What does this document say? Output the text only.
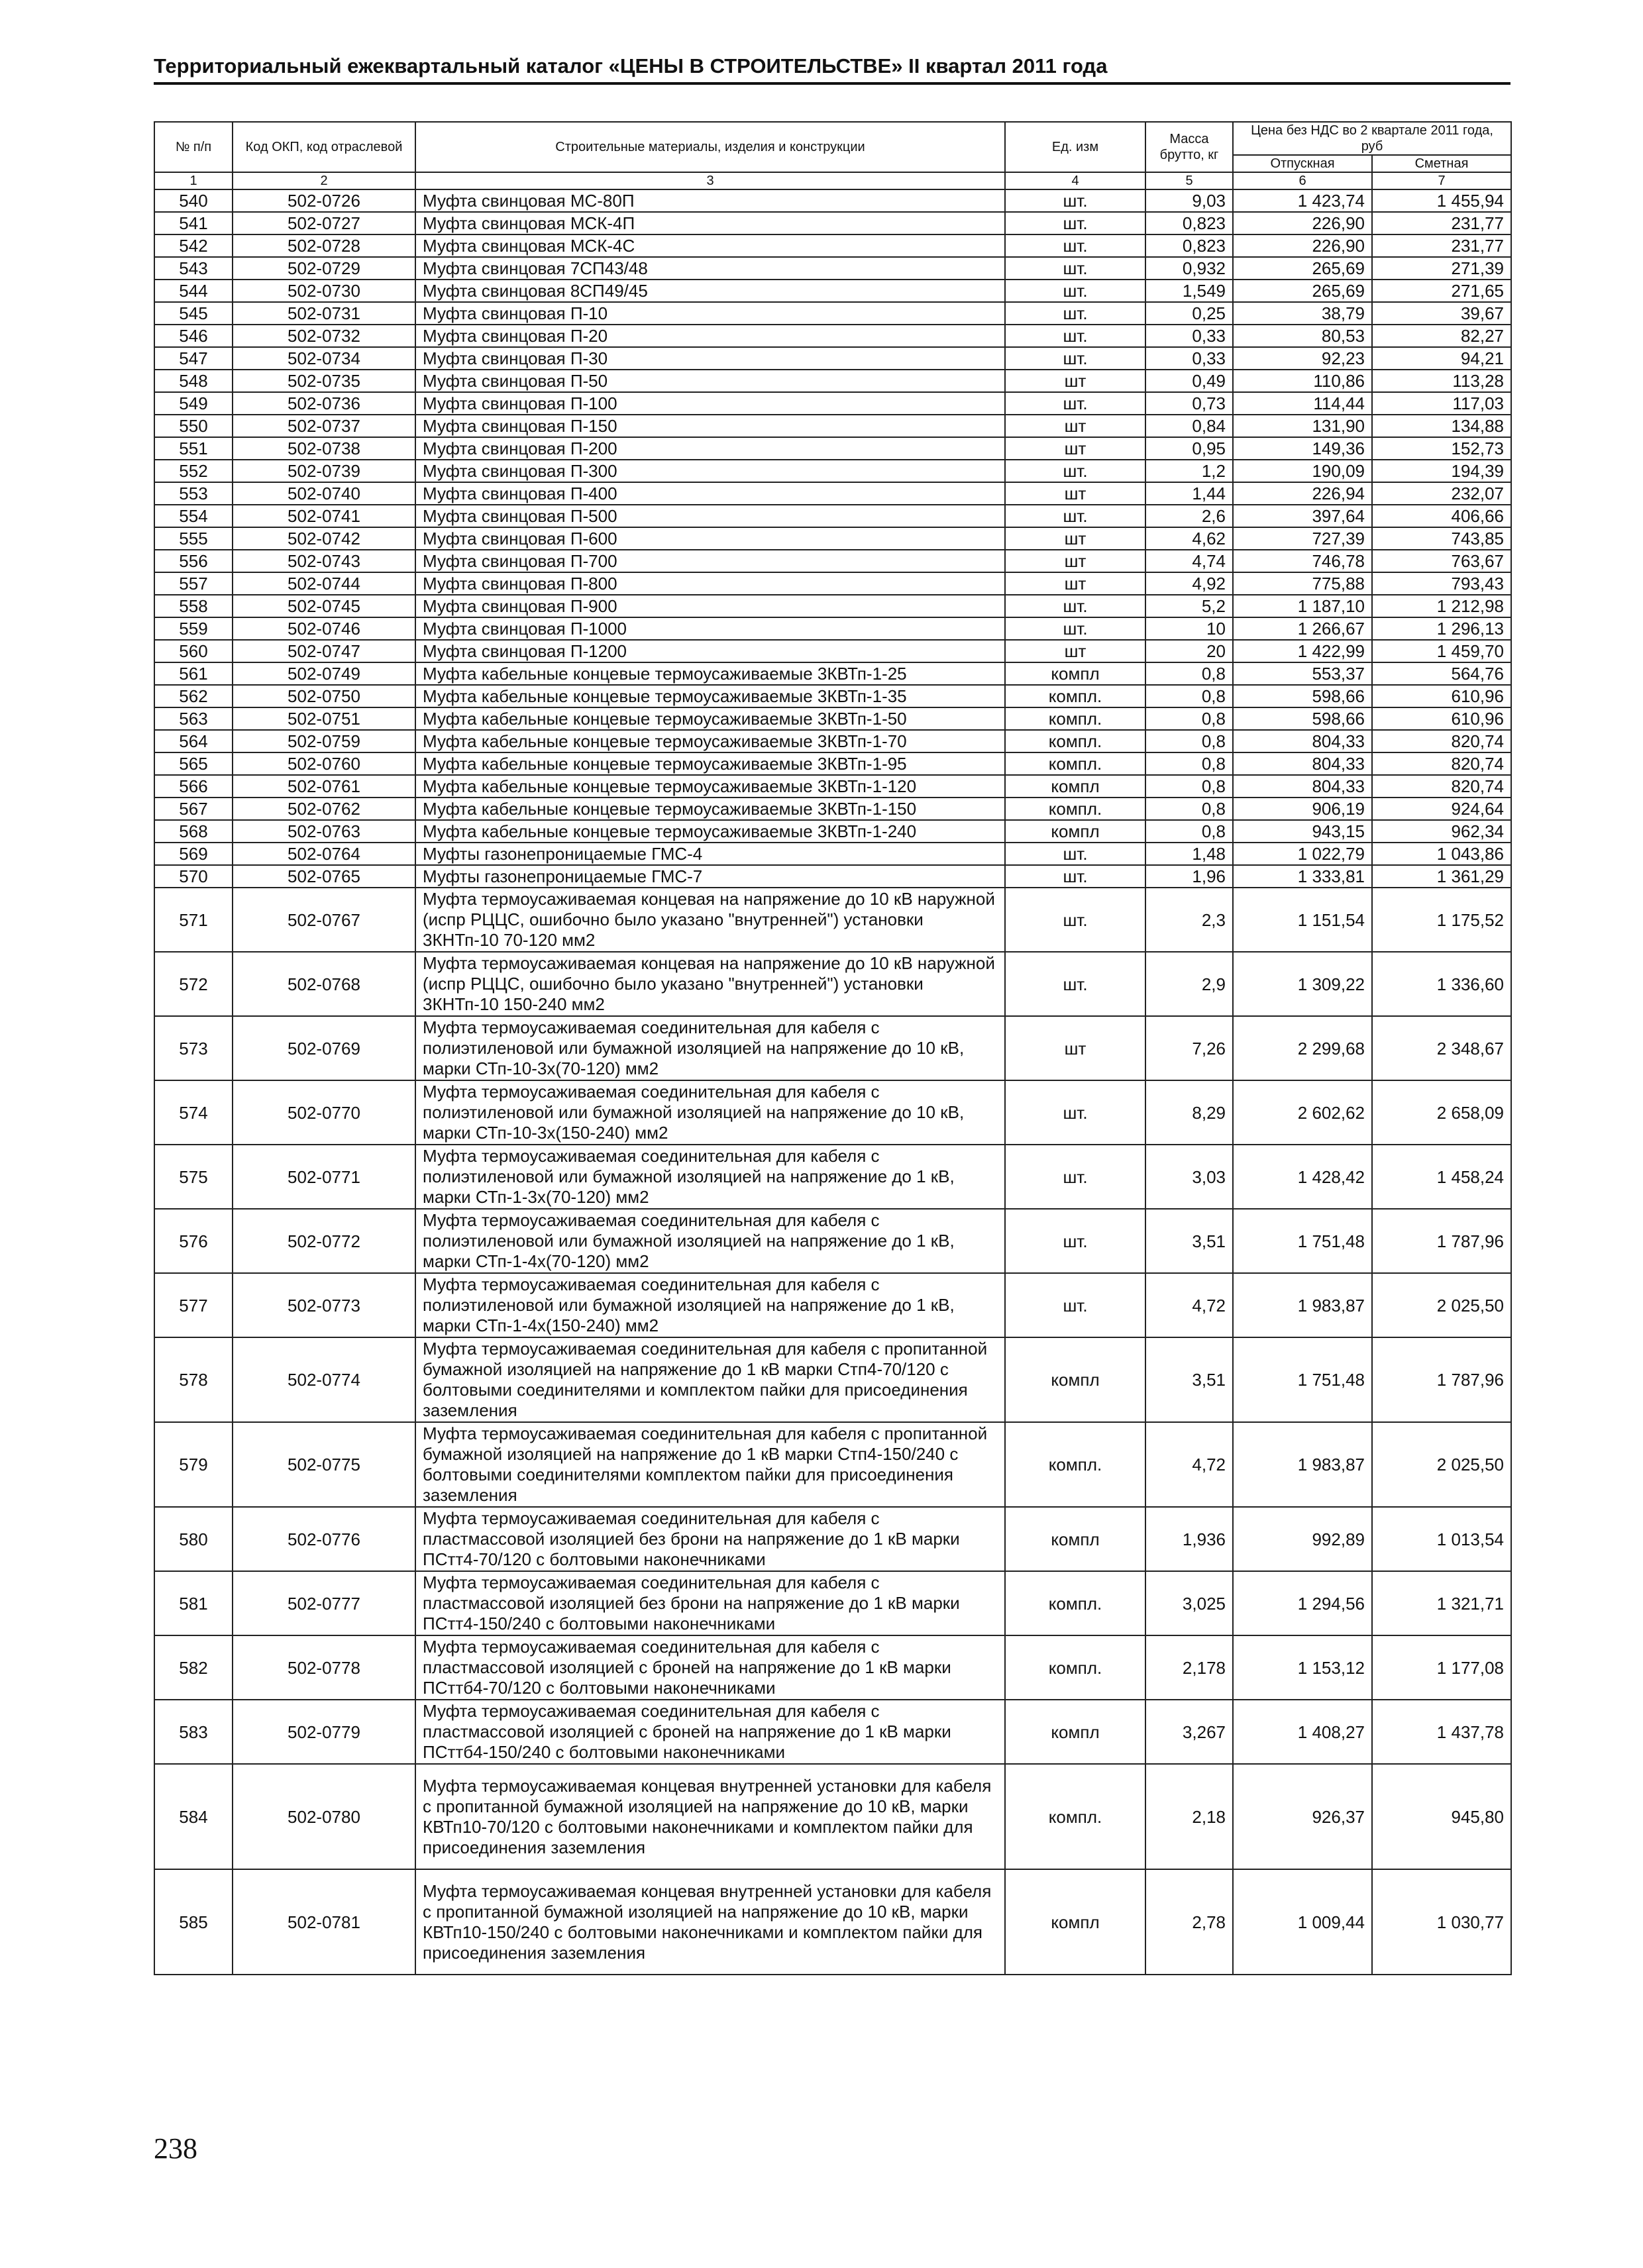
Территориальный ежеквартальный каталог «ЦЕНЫ В СТРОИТЕЛЬСТВЕ» II квартал 2011 года
№ п/п	Код ОКП, код отраслевой	Строительные материалы, изделия и конструкции	Ед. изм	Масса брутто, кг	Цена без НДС во 2 квартале 2011 года, руб	
					Отпускная	Сметная
1	2	3	4	5	6	7
540	502-0726	Муфта свинцовая МС-80П	шт.	9,03	1 423,74	1 455,94
541	502-0727	Муфта свинцовая МСК-4П	шт.	0,823	226,90	231,77
542	502-0728	Муфта свинцовая МСК-4С	шт.	0,823	226,90	231,77
543	502-0729	Муфта свинцовая 7СП43/48	шт.	0,932	265,69	271,39
544	502-0730	Муфта свинцовая 8СП49/45	шт.	1,549	265,69	271,65
545	502-0731	Муфта свинцовая П-10	шт.	0,25	38,79	39,67
546	502-0732	Муфта свинцовая П-20	шт.	0,33	80,53	82,27
547	502-0734	Муфта свинцовая П-30	шт.	0,33	92,23	94,21
548	502-0735	Муфта свинцовая П-50	шт	0,49	110,86	113,28
549	502-0736	Муфта свинцовая П-100	шт.	0,73	114,44	117,03
550	502-0737	Муфта свинцовая П-150	шт	0,84	131,90	134,88
551	502-0738	Муфта свинцовая П-200	шт	0,95	149,36	152,73
552	502-0739	Муфта свинцовая П-300	шт.	1,2	190,09	194,39
553	502-0740	Муфта свинцовая П-400	шт	1,44	226,94	232,07
554	502-0741	Муфта свинцовая П-500	шт.	2,6	397,64	406,66
555	502-0742	Муфта свинцовая П-600	шт	4,62	727,39	743,85
556	502-0743	Муфта свинцовая П-700	шт	4,74	746,78	763,67
557	502-0744	Муфта свинцовая П-800	шт	4,92	775,88	793,43
558	502-0745	Муфта свинцовая П-900	шт.	5,2	1 187,10	1 212,98
559	502-0746	Муфта свинцовая П-1000	шт.	10	1 266,67	1 296,13
560	502-0747	Муфта свинцовая П-1200	шт	20	1 422,99	1 459,70
561	502-0749	Муфта кабельные концевые термоусаживаемые 3КВТп-1-25	компл	0,8	553,37	564,76
562	502-0750	Муфта кабельные концевые термоусаживаемые 3КВТп-1-35	компл.	0,8	598,66	610,96
563	502-0751	Муфта кабельные концевые термоусаживаемые 3КВТп-1-50	компл.	0,8	598,66	610,96
564	502-0759	Муфта кабельные концевые термоусаживаемые 3КВТп-1-70	компл.	0,8	804,33	820,74
565	502-0760	Муфта кабельные концевые термоусаживаемые 3КВТп-1-95	компл.	0,8	804,33	820,74
566	502-0761	Муфта кабельные концевые термоусаживаемые 3КВТп-1-120	компл	0,8	804,33	820,74
567	502-0762	Муфта кабельные концевые термоусаживаемые 3КВТп-1-150	компл.	0,8	906,19	924,64
568	502-0763	Муфта кабельные концевые термоусаживаемые 3КВТп-1-240	компл	0,8	943,15	962,34
569	502-0764	Муфты газонепроницаемые ГМС-4	шт.	1,48	1 022,79	1 043,86
570	502-0765	Муфты газонепроницаемые ГМС-7	шт.	1,96	1 333,81	1 361,29
571	502-0767	Муфта термоусаживаемая концевая на напряжение до 10 кВ наружной (испр РЦЦС, ошибочно было указано "внутренней") установки 3КНТп-10 70-120 мм2	шт.	2,3	1 151,54	1 175,52
572	502-0768	Муфта термоусаживаемая концевая на напряжение до 10 кВ наружной (испр РЦЦС, ошибочно было указано "внутренней") установки 3КНТп-10 150-240 мм2	шт.	2,9	1 309,22	1 336,60
573	502-0769	Муфта термоусаживаемая соединительная для кабеля с полиэтиленовой или бумажной изоляцией на напряжение до 10 кВ, марки СТп-10-3х(70-120) мм2	шт	7,26	2 299,68	2 348,67
574	502-0770	Муфта термоусаживаемая соединительная для кабеля с полиэтиленовой или бумажной изоляцией на напряжение до 10 кВ, марки СТп-10-3х(150-240) мм2	шт.	8,29	2 602,62	2 658,09
575	502-0771	Муфта термоусаживаемая соединительная для кабеля с полиэтиленовой или бумажной изоляцией на напряжение до 1 кВ, марки СТп-1-3х(70-120) мм2	шт.	3,03	1 428,42	1 458,24
576	502-0772	Муфта термоусаживаемая соединительная для кабеля с полиэтиленовой или бумажной изоляцией на напряжение до 1 кВ, марки СТп-1-4х(70-120) мм2	шт.	3,51	1 751,48	1 787,96
577	502-0773	Муфта термоусаживаемая соединительная для кабеля с полиэтиленовой или бумажной изоляцией на напряжение до 1 кВ, марки СТп-1-4х(150-240) мм2	шт.	4,72	1 983,87	2 025,50
578	502-0774	Муфта термоусаживаемая соединительная для кабеля с пропитанной бумажной изоляцией на напряжение до 1 кВ марки Стп4-70/120 с болтовыми соединителями и комплектом пайки для присоединения заземления	компл	3,51	1 751,48	1 787,96
579	502-0775	Муфта термоусаживаемая соединительная для кабеля с пропитанной бумажной изоляцией на напряжение до 1 кВ марки Стп4-150/240 с болтовыми соединителями комплектом пайки для присоединения заземления	компл.	4,72	1 983,87	2 025,50
580	502-0776	Муфта термоусаживаемая соединительная для кабеля с пластмассовой изоляцией без брони на напряжение до 1 кВ марки ПСтт4-70/120 с болтовыми наконечниками	компл	1,936	992,89	1 013,54
581	502-0777	Муфта термоусаживаемая соединительная для кабеля с пластмассовой изоляцией без брони на напряжение до 1 кВ марки ПСтт4-150/240 с болтовыми наконечниками	компл.	3,025	1 294,56	1 321,71
582	502-0778	Муфта термоусаживаемая соединительная для кабеля с пластмассовой изоляцией с броней на напряжение до 1 кВ марки ПСттб4-70/120 с болтовыми наконечниками	компл.	2,178	1 153,12	1 177,08
583	502-0779	Муфта термоусаживаемая соединительная для кабеля с пластмассовой изоляцией с броней на напряжение до 1 кВ марки ПСттб4-150/240 с болтовыми наконечниками	компл	3,267	1 408,27	1 437,78
584	502-0780	Муфта термоусаживаемая концевая внутренней установки для кабеля с пропитанной бумажной изоляцией на напряжение до 10 кВ, марки КВТп10-70/120 с болтовыми наконечниками и комплектом пайки для присоединения заземления	компл.	2,18	926,37	945,80
585	502-0781	Муфта термоусаживаемая концевая внутренней установки для кабеля с пропитанной бумажной изоляцией на напряжение до 10 кВ, марки КВТп10-150/240 с болтовыми наконечниками и комплектом пайки для присоединения заземления	компл	2,78	1 009,44	1 030,77
238
